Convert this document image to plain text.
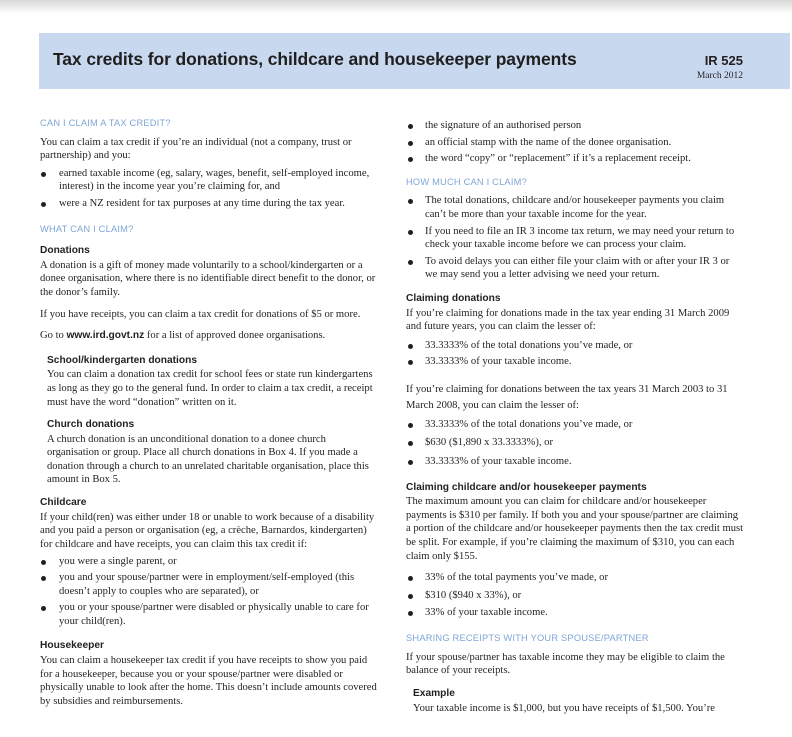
Tax credits for donations, childcare and housekeeper payments	IR 525
March 2012
CAN I CLAIM A TAX CREDIT?

You can claim a tax credit if you’re an individual (not a company, trust or partnership) and you:

earned taxable income (eg, salary, wages, benefit, self-employed income, interest) in the income year you’re claiming for, and
were a NZ resident for tax purposes at any time during the tax year.
WHAT CAN I CLAIM?
Donations

A donation is a gift of money made voluntarily to a school/kindergarten or a donee organisation, where there is no identifiable direct benefit to the donor, or the donor’s family.

If you have receipts, you can claim a tax credit for donations of $5 or more.

Go to www.ird.govt.nz for a list of approved donee organisations.

School/kindergarten donations

You can claim a donation tax credit for school fees or state run kindergartens as long as they go to the general fund. In order to claim a tax credit, a receipt must have the word “donation” written on it.

Church donations

A church donation is an unconditional donation to a donee church organisation or group. Place all church donations in Box 4. If you made a donation through a church to an unrelated charitable organisation, place this amount in Box 5.

Childcare

If your child(ren) was either under 18 or unable to work because of a disability and you paid a person or organisation (eg, a crèche, Barnardos, kindergarten) for childcare and have receipts, you can claim this tax credit if:

you were a single parent, or
you and your spouse/partner were in employment/self-employed (this doesn’t apply to couples who are separated), or
you or your spouse/partner were disabled or physically unable to care for your child(ren).
Housekeeper

You can claim a housekeeper tax credit if you have receipts to show you paid for a housekeeper, because you or your spouse/partner were disabled or physically unable to look after the home. This doesn’t include amounts covered by subsidies and reimbursements.

the signature of an authorised person
an official stamp with the name of the donee organisation.
the word “copy” or “replacement” if it’s a replacement receipt.
HOW MUCH CAN I CLAIM?
The total donations, childcare and/or housekeeper payments you claim can’t be more than your taxable income for the year.
If you need to file an IR 3 income tax return, we may need your return to check your taxable income before we can process your claim.
To avoid delays you can either file your claim with or after your IR 3 or we may send you a letter advising we need your return.
Claiming donations

If you’re claiming for donations made in the tax year ending 31 March 2009 and future years, you can claim the lesser of:

33.3333% of the total donations you’ve made, or
33.3333% of your taxable income.

If you’re claiming for donations between the tax years 31 March 2003 to 31 March 2008, you can claim the lesser of:

33.3333% of the total donations you’ve made, or
$630 ($1,890 x 33.3333%), or
33.3333% of your taxable income.
Claiming childcare and/or housekeeper payments

The maximum amount you can claim for childcare and/or housekeeper payments is $310 per family. If both you and your spouse/partner are claiming a portion of the childcare and/or housekeeper payments then the tax credit must be split. For example, if you’re claiming the maximum of $310, you can each claim only $155.

33% of the total payments you’ve made, or
$310 ($940 x 33%), or
33% of your taxable income.
SHARING RECEIPTS WITH YOUR SPOUSE/PARTNER

If your spouse/partner has taxable income they may be eligible to claim the balance of your receipts.

Example

Your taxable income is $1,000, but you have receipts of $1,500. You’re
